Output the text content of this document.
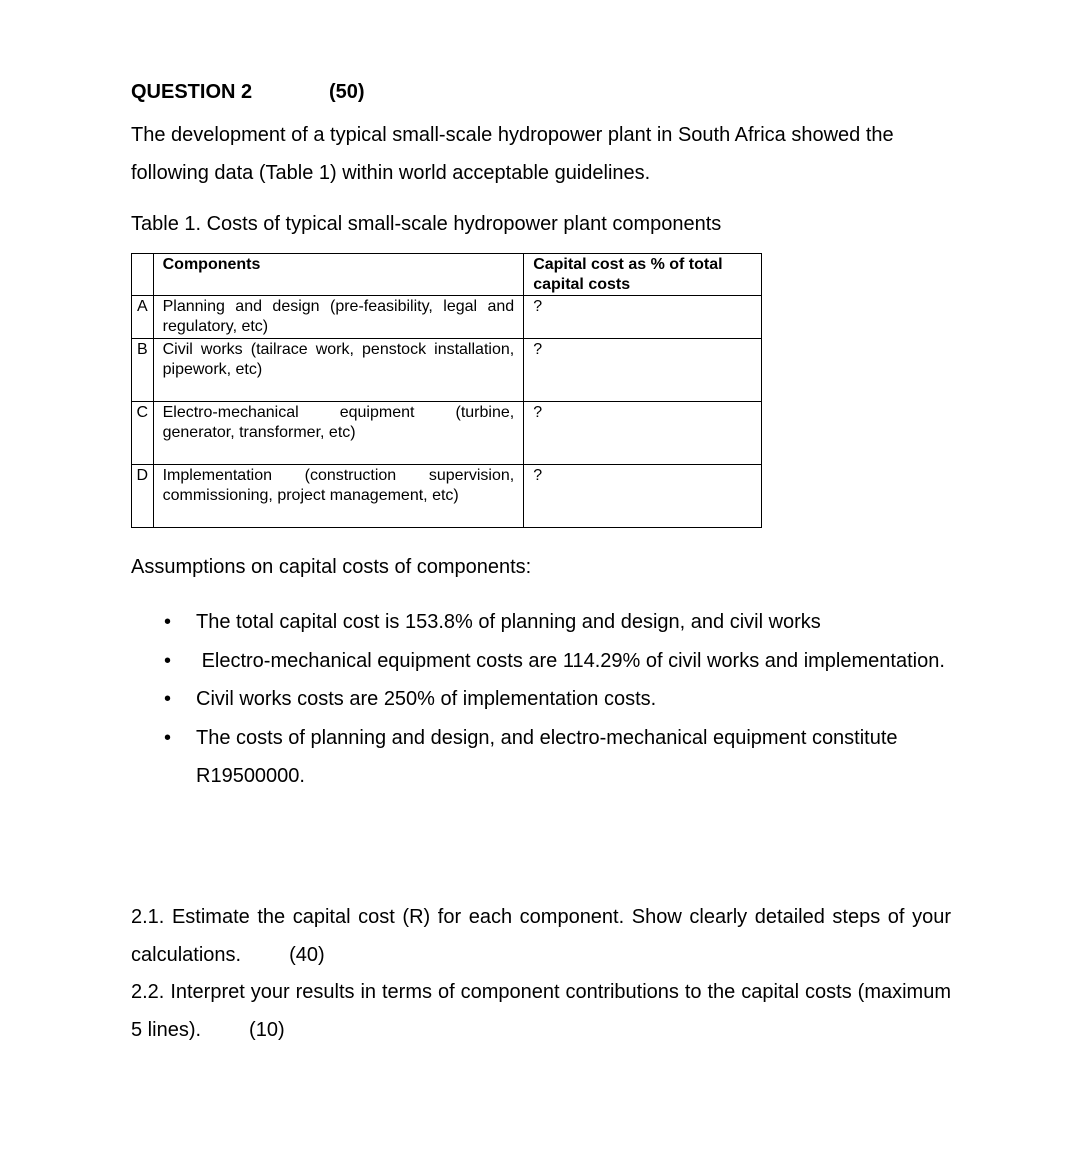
QUESTION 2	(50)

The development of a typical small-scale hydropower plant in South Africa showed the following data (Table 1) within world acceptable guidelines.

Table 1. Costs of typical small-scale hydropower plant components
	Components	Capital cost as % of total capital costs
A	Planning and design (pre-feasibility, legal and regulatory, etc)	?
B	Civil works (tailrace work, penstock installation, pipework, etc)	?
C	Electro-mechanical equipment (turbine, generator, transformer, etc)	?
D	Implementation (construction supervision, commissioning, project management, etc)	?

Assumptions on capital costs of components:

• The total capital cost is 153.8% of planning and design, and civil works
• Electro-mechanical equipment costs are 114.29% of civil works and implementation.
• Civil works costs are 250% of implementation costs.
• The costs of planning and design, and electro-mechanical equipment constitute R19500000.

2.1. Estimate the capital cost (R) for each component. Show clearly detailed steps of your calculations. (40)

2.2. Interpret your results in terms of component contributions to the capital costs (maximum 5 lines). (10)
